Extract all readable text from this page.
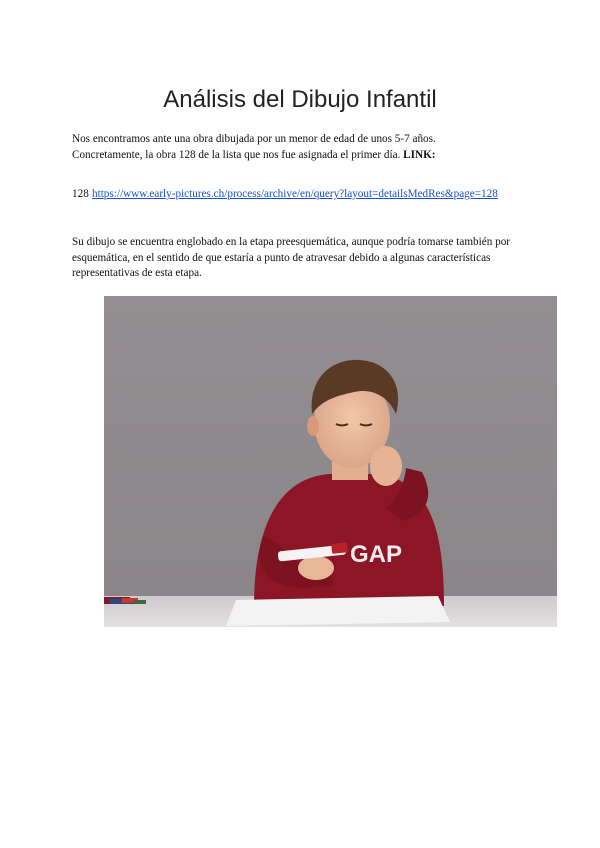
Análisis del Dibujo Infantil

Nos encontramos ante una obra dibujada por un menor de edad de unos 5-7 años.
Concretamente, la obra 128 de la lista que nos fue asignada el primer día. LINK:

128 https://www.early-pictures.ch/process/archive/en/query?layout=detailsMedRes&page=128

Su dibujo se encuentra englobado en la etapa preesquemática, aunque podría tomarse también por esquemática, en el sentido de que estaría a punto de atravesar debido a algunas características representativas de esta etapa.

GAP
